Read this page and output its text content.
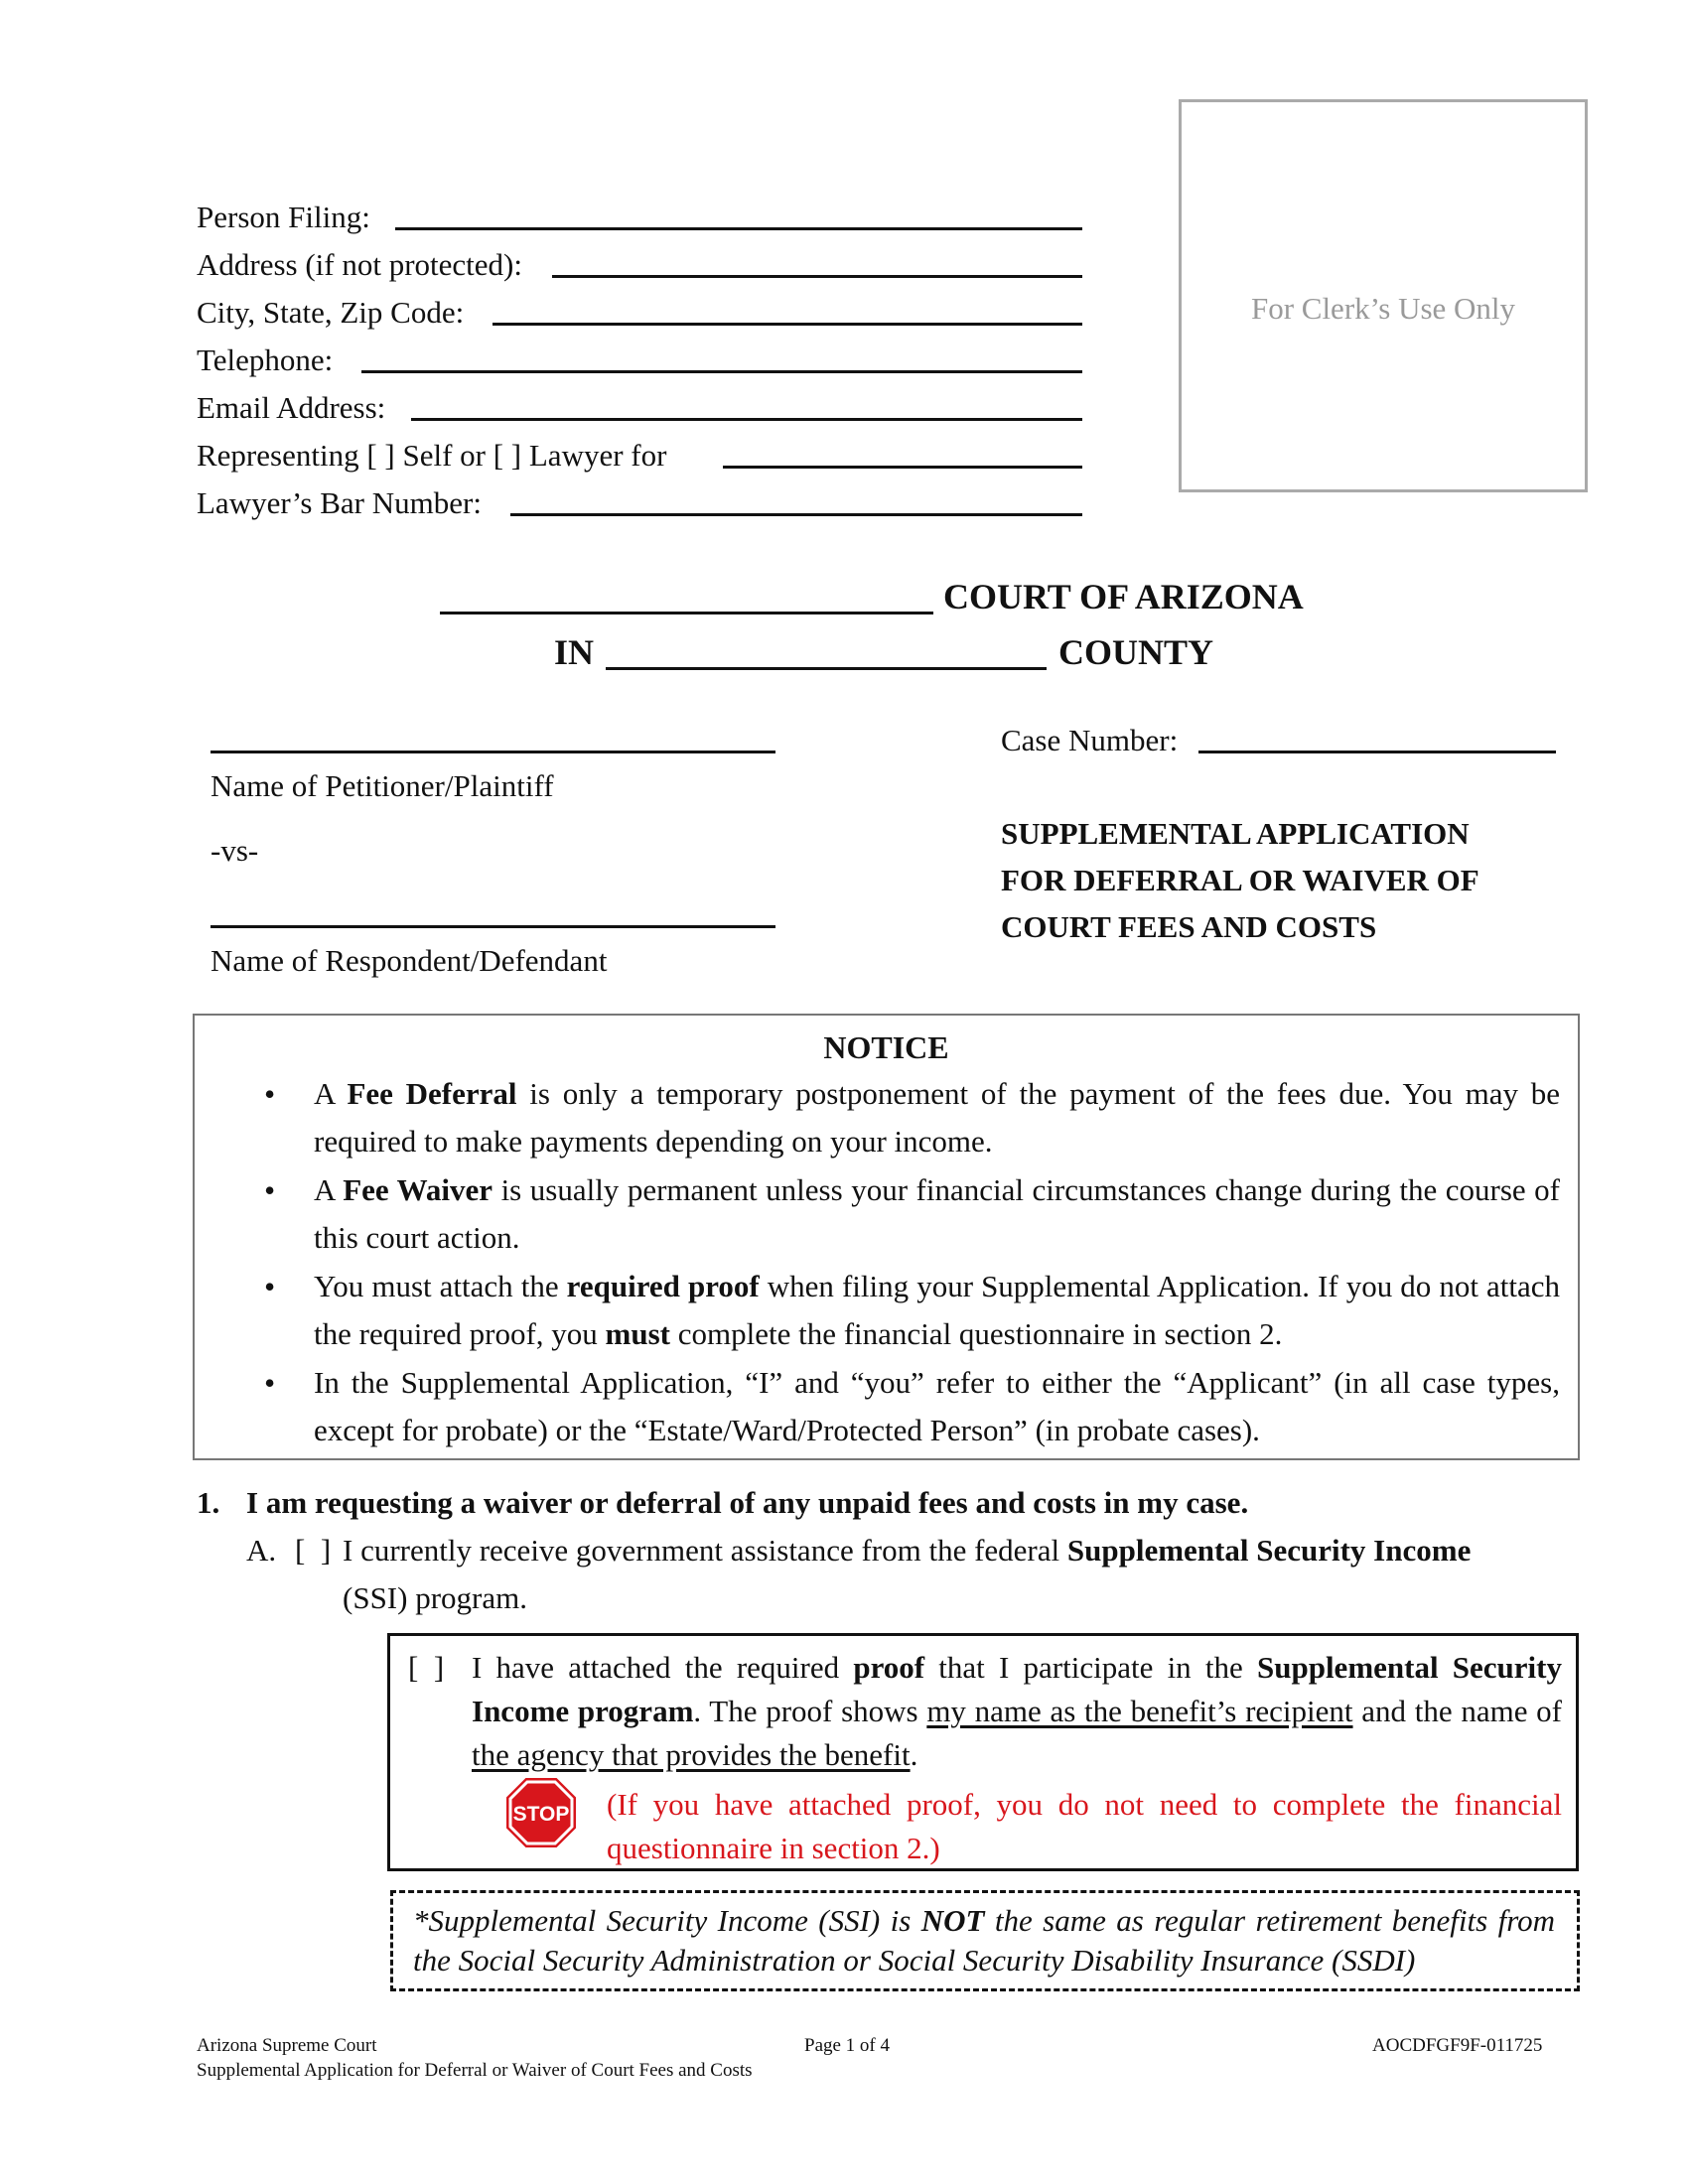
Person Filing:
Address (if not protected):
City, State, Zip Code:
Telephone:
Email Address:
Representing [ ] Self or [ ] Lawyer for
Lawyer’s Bar Number:
For Clerk’s Use Only
COURT OF ARIZONA
IN	COUNTY
Name of Petitioner/Plaintiff
-vs-
Name of Respondent/Defendant
Case Number:
SUPPLEMENTAL APPLICATION
FOR DEFERRAL OR WAIVER OF
COURT FEES AND COSTS
NOTICE
• A Fee Deferral is only a temporary postponement of the payment of the fees due. You may be required to make payments depending on your income.
• A Fee Waiver is usually permanent unless your financial circumstances change during the course of this court action.
• You must attach the required proof when filing your Supplemental Application. If you do not attach the required proof, you must complete the financial questionnaire in section 2.
• In the Supplemental Application, “I” and “you” refer to either the “Applicant” (in all case types, except for probate) or the “Estate/Ward/Protected Person” (in probate cases).
1. I am requesting a waiver or deferral of any unpaid fees and costs in my case.
A. [  ] I currently receive government assistance from the federal Supplemental Security Income
(SSI) program.
[  ] I have attached the required proof that I participate in the Supplemental Security Income program. The proof shows my name as the benefit’s recipient and the name of the agency that provides the benefit.
STOP (If you have attached proof, you do not need to complete the financial questionnaire in section 2.)
*Supplemental Security Income (SSI) is NOT the same as regular retirement benefits from the Social Security Administration or Social Security Disability Insurance (SSDI)
Arizona Supreme Court
Supplemental Application for Deferral or Waiver of Court Fees and Costs
Page 1 of 4	AOCDFGF9F-011725
